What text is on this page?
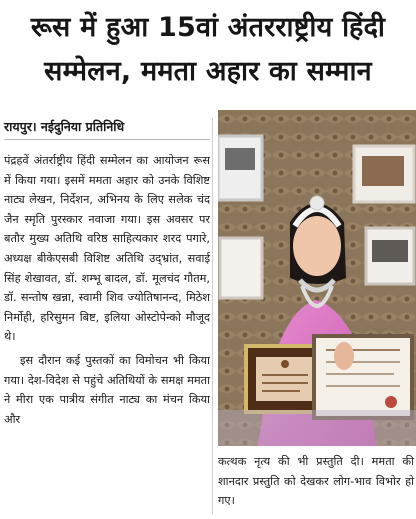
रूस में हुआ 15वां अंतरराष्ट्रीय हिंदी
सम्मेलन, ममता अहार का सम्मान
रायपुर। नईदुनिया प्रतिनिधि

पंद्रहवें अंतर्राष्ट्रीय हिंदी सम्मेलन का आयोजन रूस में किया गया। इसमें ममता अहार को उनके विशिष्ट नाट्य लेखन, निर्देशन, अभिनय के लिए सलेक चंद जैन स्मृति पुरस्कार नवाजा गया। इस अवसर पर बतौर मुख्य अतिथि वरिष्ठ साहित्यकार शरद पगारे, अध्यक्ष बीकेएसबी विशिष्ट अतिथि उद्भ्रांत, सवाई सिंह शेखावत, डॉ. शम्भू बादल, डॉ. मूलचंद गौतम, डॉ. सन्तोष खन्ना, स्वामी शिव ज्योतिषानन्द, मिठेश निर्मोही, हरिसुमन बिष्ट, इलिया ओस्टोपेन्को मौजूद थे।

इस दौरान कई पुस्तकों का विमोचन भी किया गया। देश-विदेश से पहुंचे अतिथियों के समक्ष ममता ने मीरा एक पात्रीय संगीत नाट्य का मंचन किया और

कत्थक नृत्य की भी प्रस्तुति दी। ममता की शानदार प्रस्तुति को देखकर लोग-भाव विभोर हो गए।
